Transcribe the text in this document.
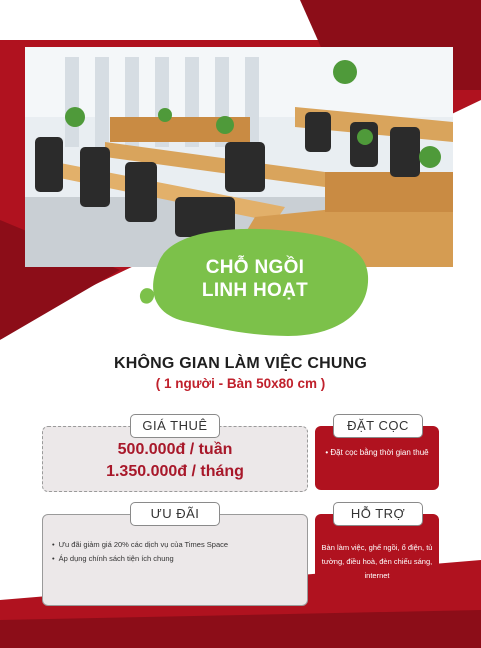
CHỖ NGỒI
LINH HOẠT
KHÔNG GIAN LÀM VIỆC CHUNG
( 1 người - Bàn 50x80 cm )
GIÁ THUÊ
500.000đ / tuần
1.350.000đ / tháng
ĐẶT CỌC
• Đặt cọc bằng thời gian thuê
ƯU ĐÃI
• Ưu đãi giảm giá 20% các dịch vụ của Times Space
• Áp dụng chính sách tiện ích chung
HỖ TRỢ
Bàn làm việc, ghế ngồi, ổ điện, tủ tường, điều hoà, đèn chiếu sáng, internet
